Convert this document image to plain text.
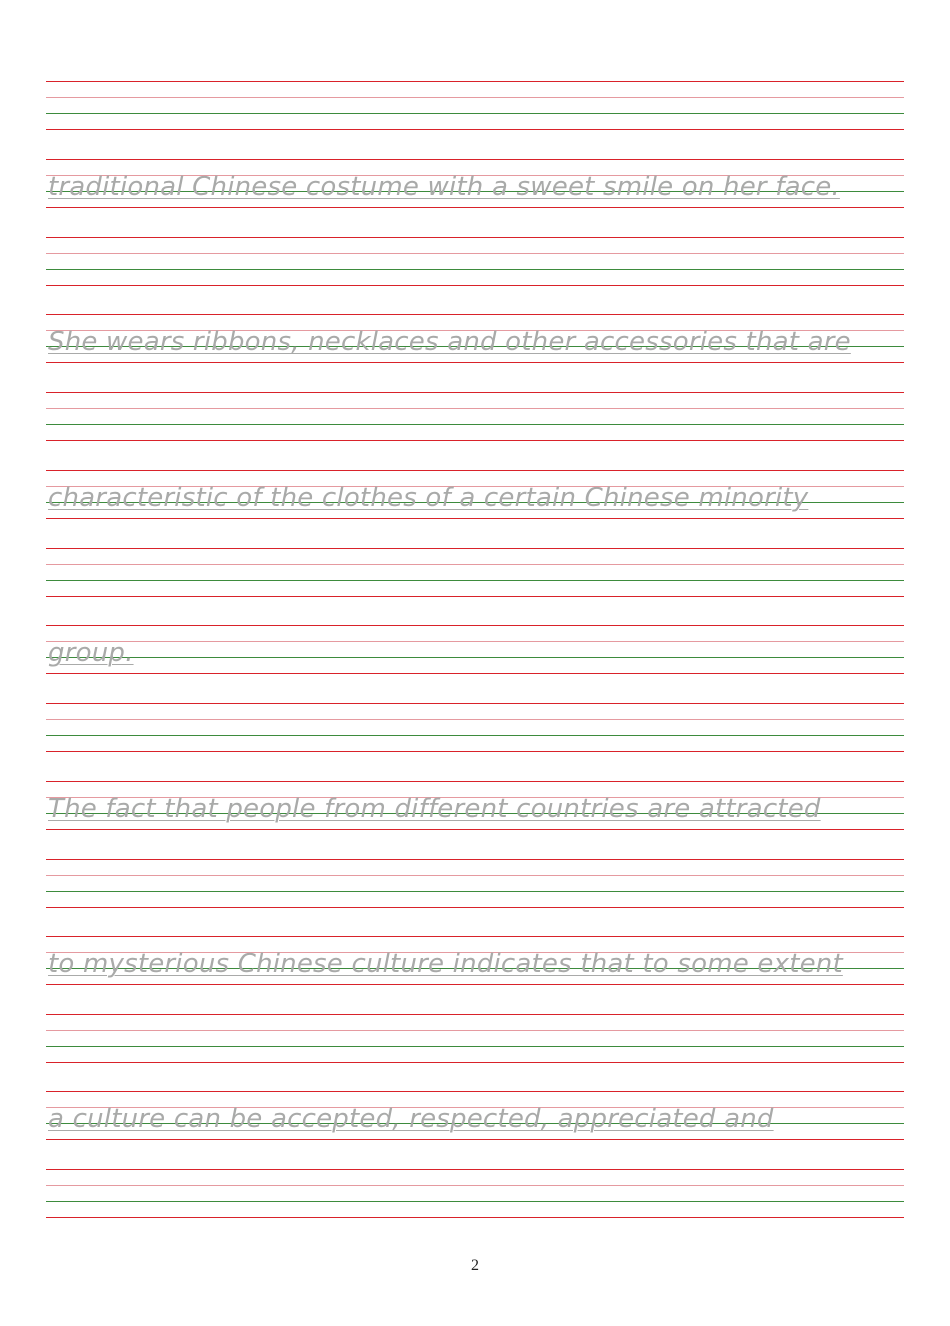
traditional Chinese costume with a sweet smile on her face.

She wears ribbons, necklaces and other accessories that are

characteristic of the clothes of a certain Chinese minority

group.

The fact that people from different countries are attracted

to mysterious Chinese culture indicates that to some extent

a culture can be accepted, respected, appreciated and

2
